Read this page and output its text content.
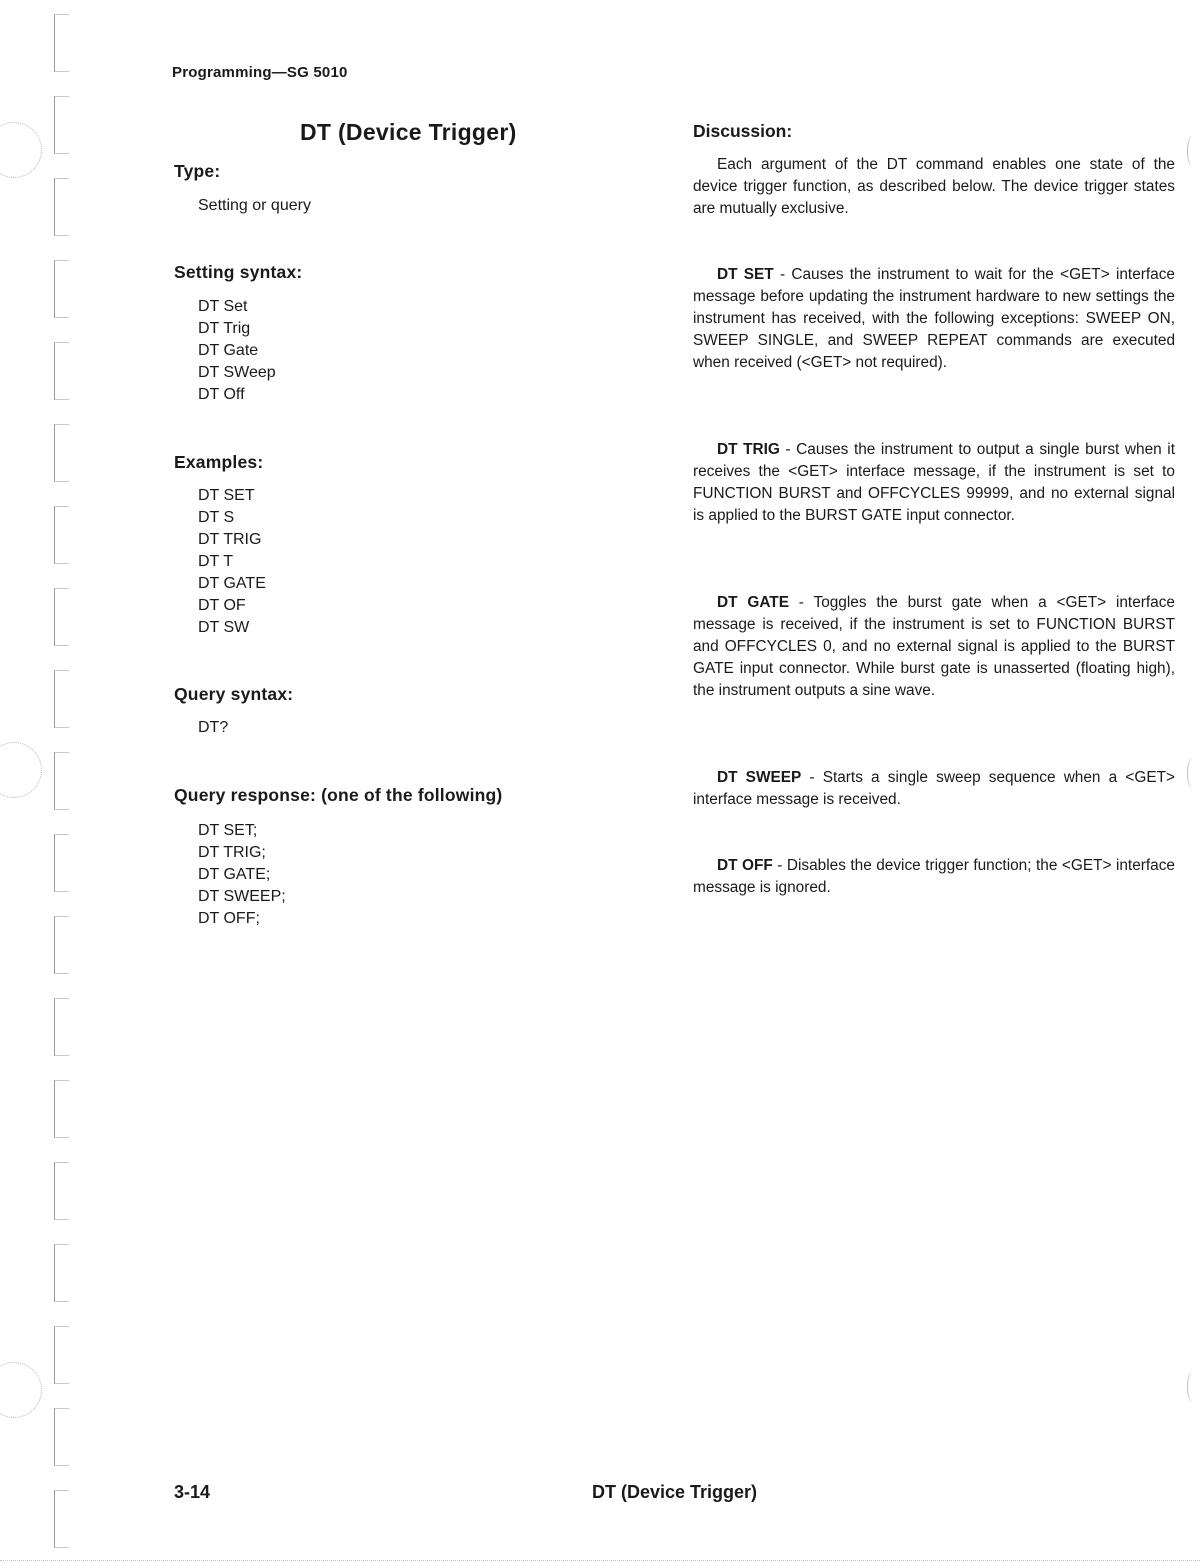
Programming—SG 5010
DT (Device Trigger)
Type:
Setting or query
Setting syntax:
DT Set
DT Trig
DT Gate
DT SWeep
DT Off
Examples:
DT SET
DT S
DT TRIG
DT T
DT GATE
DT OF
DT SW
Query syntax:
DT?
Query response: (one of the following)
DT SET;
DT TRIG;
DT GATE;
DT SWEEP;
DT OFF;
Discussion:

Each argument of the DT command enables one state of the device trigger function, as described below. The device trigger states are mutually exclusive.

DT SET - Causes the instrument to wait for the <GET> interface message before updating the instrument hardware to new settings the instrument has received, with the following exceptions: SWEEP ON, SWEEP SINGLE, and SWEEP REPEAT commands are executed when received (<GET> not required).

DT TRIG - Causes the instrument to output a single burst when it receives the <GET> interface message, if the instrument is set to FUNCTION BURST and OFFCYCLES 99999, and no external signal is applied to the BURST GATE input connector.

DT GATE - Toggles the burst gate when a <GET> interface message is received, if the instrument is set to FUNCTION BURST and OFFCYCLES 0, and no external signal is applied to the BURST GATE input connector. While burst gate is unasserted (floating high), the instrument outputs a sine wave.

DT SWEEP - Starts a single sweep sequence when a <GET> interface message is received.

DT OFF - Disables the device trigger function; the <GET> interface message is ignored.

3-14	DT (Device Trigger)
